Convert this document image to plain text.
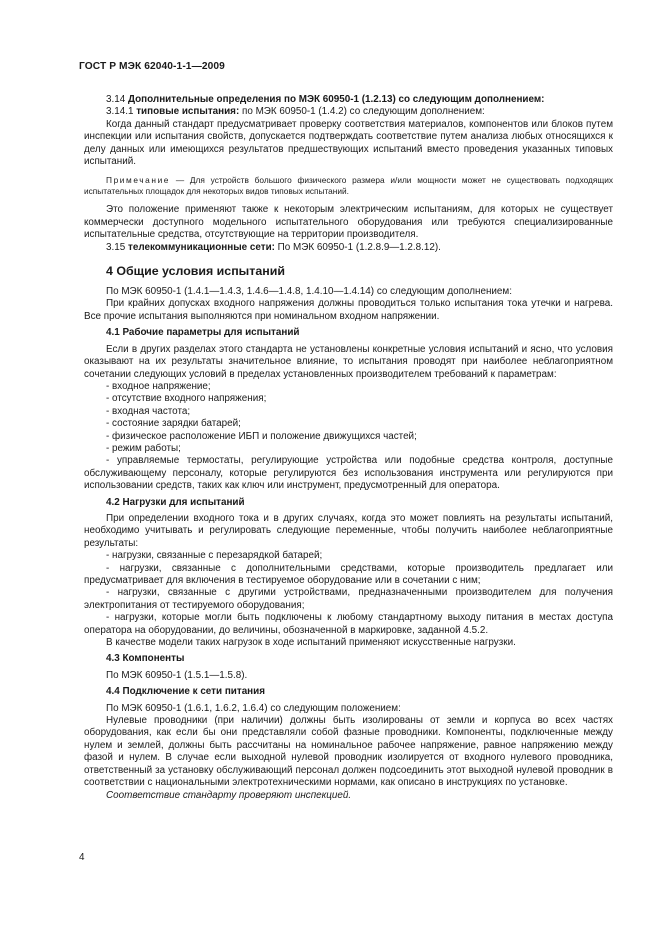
ГОСТ Р МЭК 62040-1-1—2009

3.14 Дополнительные определения по МЭК 60950-1 (1.2.13) со следующим дополнением:

3.14.1 типовые испытания: по МЭК 60950-1 (1.4.2) со следующим дополнением:

Когда данный стандарт предусматривает проверку соответствия материалов, компонентов или блоков путем инспекции или испытания свойств, допускается подтверждать соответствие путем анализа любых относящихся к делу данных или имеющихся результатов предшествующих испытаний вместо проведения указанных типовых испытаний.

Примечание — Для устройств большого физического размера и/или мощности может не существовать подходящих испытательных площадок для некоторых видов типовых испытаний.

Это положение применяют также к некоторым электрическим испытаниям, для которых не существует коммерчески доступного модельного испытательного оборудования или требуются специализированные испытательные средства, отсутствующие на территории производителя.

3.15 телекоммуникационные сети: По МЭК 60950-1 (1.2.8.9—1.2.8.12).

4 Общие условия испытаний

По МЭК 60950-1 (1.4.1—1.4.3, 1.4.6—1.4.8, 1.4.10—1.4.14) со следующим дополнением:

При крайних допусках входного напряжения должны проводиться только испытания тока утечки и нагрева. Все прочие испытания выполняются при номинальном входном напряжении.

4.1 Рабочие параметры для испытаний

Если в других разделах этого стандарта не установлены конкретные условия испытаний и ясно, что условия оказывают на их результаты значительное влияние, то испытания проводят при наиболее неблагоприятном сочетании следующих условий в пределах установленных производителем требований к параметрам:

- входное напряжение;

- отсутствие входного напряжения;

- входная частота;

- состояние зарядки батарей;

- физическое расположение ИБП и положение движущихся частей;

- режим работы;

- управляемые термостаты, регулирующие устройства или подобные средства контроля, доступные обслуживающему персоналу, которые регулируются без использования инструмента или регулируются при использовании средств, таких как ключ или инструмент, предусмотренный для оператора.

4.2 Нагрузки для испытаний

При определении входного тока и в других случаях, когда это может повлиять на результаты испытаний, необходимо учитывать и регулировать следующие переменные, чтобы получить наиболее неблагоприятные результаты:

- нагрузки, связанные с перезарядкой батарей;

- нагрузки, связанные с дополнительными средствами, которые производитель предлагает или предусматривает для включения в тестируемое оборудование или в сочетании с ним;

- нагрузки, связанные с другими устройствами, предназначенными производителем для получения электропитания от тестируемого оборудования;

- нагрузки, которые могли быть подключены к любому стандартному выходу питания в местах доступа оператора на оборудовании, до величины, обозначенной в маркировке, заданной 4.5.2.

В качестве модели таких нагрузок в ходе испытаний применяют искусственные нагрузки.

4.3 Компоненты

По МЭК 60950-1 (1.5.1—1.5.8).

4.4 Подключение к сети питания

По МЭК 60950-1 (1.6.1, 1.6.2, 1.6.4) со следующим положением:

Нулевые проводники (при наличии) должны быть изолированы от земли и корпуса во всех частях оборудования, как если бы они представляли собой фазные проводники. Компоненты, подключенные между нулем и землей, должны быть рассчитаны на номинальное рабочее напряжение, равное напряжению между фазой и нулем. В случае если выходной нулевой проводник изолируется от входного нулевого проводника, ответственный за установку обслуживающий персонал должен подсоединить этот выходной нулевой проводник в соответствии с национальными электротехническими нормами, как описано в инструкциях по установке.

Соответствие стандарту проверяют инспекцией.

4
